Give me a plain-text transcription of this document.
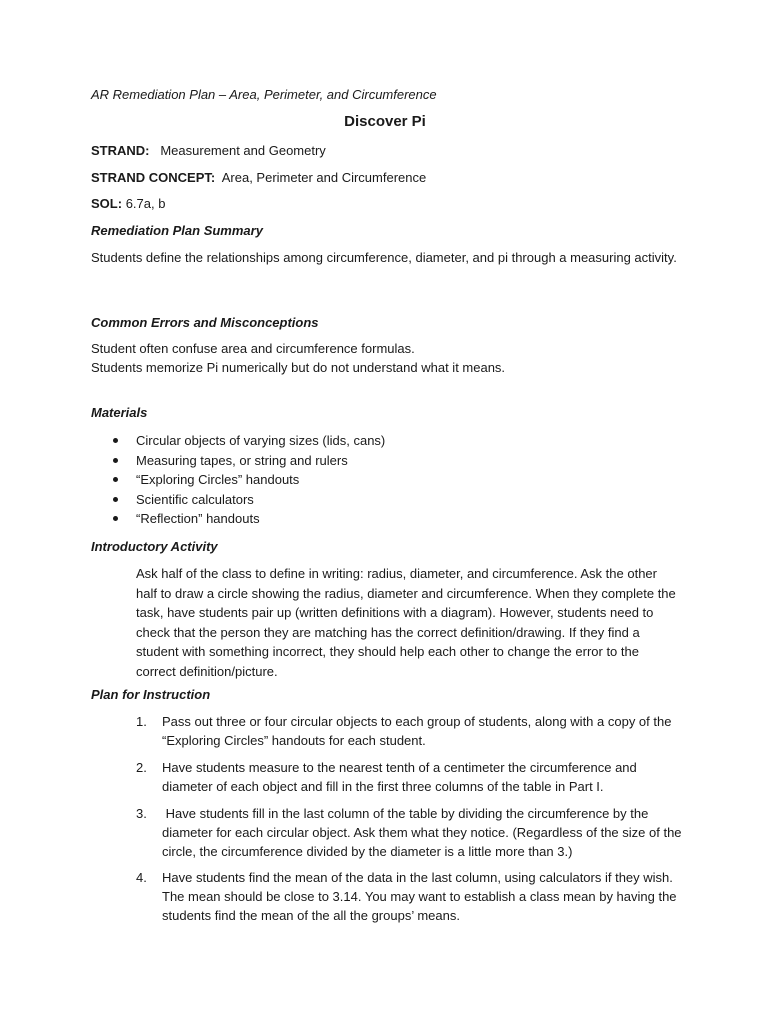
AR Remediation Plan – Area, Perimeter, and Circumference
Discover Pi
STRAND: Measurement and Geometry
STRAND CONCEPT: Area, Perimeter and Circumference
SOL: 6.7a, b
Remediation Plan Summary
Students define the relationships among circumference, diameter, and pi through a measuring activity.
Common Errors and Misconceptions
Student often confuse area and circumference formulas.
Students memorize Pi numerically but do not understand what it means.
Materials
Circular objects of varying sizes (lids, cans)
Measuring tapes, or string and rulers
“Exploring Circles” handouts
Scientific calculators
“Reflection” handouts
Introductory Activity
Ask half of the class to define in writing: radius, diameter, and circumference. Ask the other half to draw a circle showing the radius, diameter and circumference. When they complete the task, have students pair up (written definitions with a diagram). However, students need to check that the person they are matching has the correct definition/drawing. If they find a student with something incorrect, they should help each other to change the error to the correct definition/picture.
Plan for Instruction
1.	Pass out three or four circular objects to each group of students, along with a copy of the “Exploring Circles” handouts for each student.
2.	Have students measure to the nearest tenth of a centimeter the circumference and diameter of each object and fill in the first three columns of the table in Part I.
3.	Have students fill in the last column of the table by dividing the circumference by the diameter for each circular object. Ask them what they notice. (Regardless of the size of the circle, the circumference divided by the diameter is a little more than 3.)
4.	Have students find the mean of the data in the last column, using calculators if they wish. The mean should be close to 3.14. You may want to establish a class mean by having the students find the mean of the all the groups’ means.
